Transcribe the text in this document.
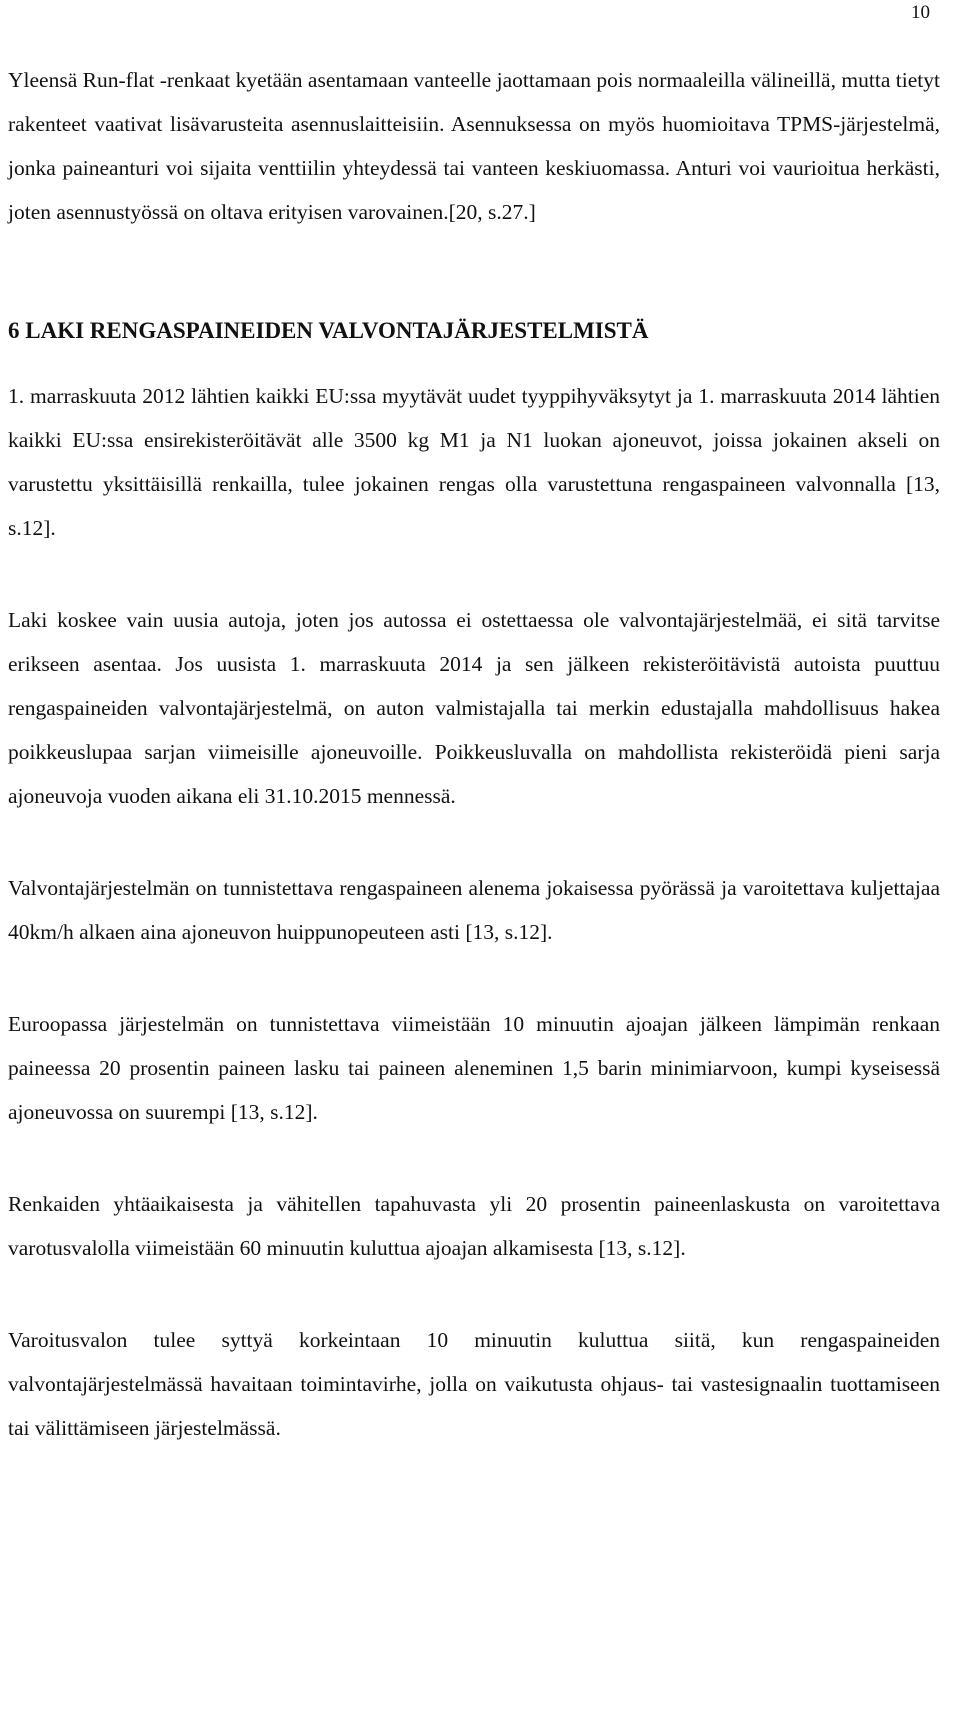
10

Yleensä Run-flat -renkaat kyetään asentamaan vanteelle jaottamaan pois normaaleilla välineillä, mutta tietyt rakenteet vaativat lisävarusteita asennuslaitteisiin. Asennuksessa on myös huomioitava TPMS-järjestelmä, jonka paineanturi voi sijaita venttiilin yhteydessä tai vanteen keskiuomassa. Anturi voi vaurioitua herkästi, joten asennustyössä on oltava erityisen varovainen.[20, s.27.]

6 LAKI RENGASPAINEIDEN VALVONTAJÄRJESTELMISTÄ

1. marraskuuta 2012 lähtien kaikki EU:ssa myytävät uudet tyyppihyväksytyt ja 1. marraskuuta 2014 lähtien kaikki EU:ssa ensirekisteröitävät alle 3500 kg M1 ja N1 luokan ajoneuvot, joissa jokainen akseli on varustettu yksittäisillä renkailla, tulee jokainen rengas olla varustettuna rengaspaineen valvonnalla [13, s.12].

Laki koskee vain uusia autoja, joten jos autossa ei ostettaessa ole valvontajärjestelmää, ei sitä tarvitse erikseen asentaa. Jos uusista 1. marraskuuta 2014 ja sen jälkeen rekisteröitävistä autoista puuttuu rengaspaineiden valvontajärjestelmä, on auton valmistajalla tai merkin edustajalla mahdollisuus hakea poikkeuslupaa sarjan viimeisille ajoneuvoille. Poikkeusluvalla on mahdollista rekisteröidä pieni sarja ajoneuvoja vuoden aikana eli 31.10.2015 mennessä.

Valvontajärjestelmän on tunnistettava rengaspaineen alenema jokaisessa pyörässä ja varoitettava kuljettajaa 40km/h alkaen aina ajoneuvon huippunopeuteen asti [13, s.12].

Euroopassa järjestelmän on tunnistettava viimeistään 10 minuutin ajoajan jälkeen lämpimän renkaan paineessa 20 prosentin paineen lasku tai paineen aleneminen 1,5 barin minimiarvoon, kumpi kyseisessä ajoneuvossa on suurempi [13, s.12].

Renkaiden yhtäaikaisesta ja vähitellen tapahuvasta yli 20 prosentin paineenlaskusta on varoitettava varotusvalolla viimeistään 60 minuutin kuluttua ajoajan alkamisesta [13, s.12].

Varoitusvalon tulee syttyä korkeintaan 10 minuutin kuluttua siitä, kun rengaspaineiden valvontajärjestelmässä havaitaan toimintavirhe, jolla on vaikutusta ohjaus- tai vastesignaalin tuottamiseen tai välittämiseen järjestelmässä.
